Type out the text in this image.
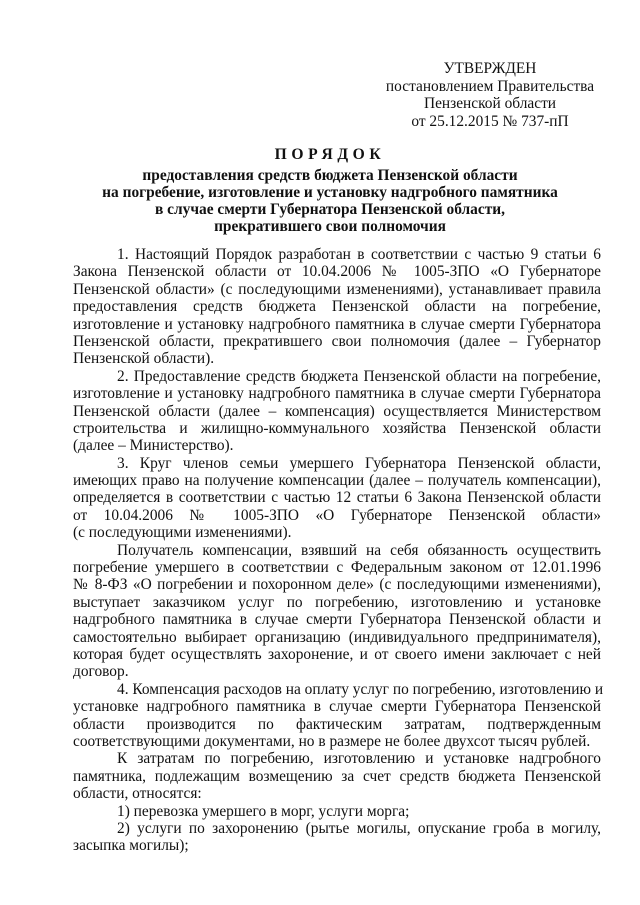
УТВЕРЖДЕН
постановлением Правительства
Пензенской области
от 25.12.2015 № 737-пП
ПОРЯДОК
предоставления средств бюджета Пензенской области
на погребение, изготовление и установку надгробного памятника
в случае смерти Губернатора Пензенской области,
прекратившего свои полномочия
1. Настоящий Порядок разработан в соответствии с частью 9 статьи 6
Закона Пензенской области от 10.04.2006 № 1005-ЗПО «О Губернаторе
Пензенской области» (с последующими изменениями), устанавливает правила
предоставления средств бюджета Пензенской области на погребение,
изготовление и установку надгробного памятника в случае смерти Губернатора
Пензенской области, прекратившего свои полномочия (далее – Губернатор
Пензенской области).
2. Предоставление средств бюджета Пензенской области на погребение,
изготовление и установку надгробного памятника в случае смерти Губернатора
Пензенской области (далее – компенсация) осуществляется Министерством
строительства и жилищно-коммунального хозяйства Пензенской области
(далее – Министерство).
3. Круг членов семьи умершего Губернатора Пензенской области,
имеющих право на получение компенсации (далее – получатель компенсации),
определяется в соответствии с частью 12 статьи 6 Закона Пензенской области
от 10.04.2006 № 1005-ЗПО «О Губернаторе Пензенской области»
(с последующими изменениями).
Получатель компенсации, взявший на себя обязанность осуществить
погребение умершего в соответствии с Федеральным законом от 12.01.1996
№ 8-ФЗ «О погребении и похоронном деле» (с последующими изменениями),
выступает заказчиком услуг по погребению, изготовлению и установке
надгробного памятника в случае смерти Губернатора Пензенской области и
самостоятельно выбирает организацию (индивидуального предпринимателя),
которая будет осуществлять захоронение, и от своего имени заключает с ней
договор.
4. Компенсация расходов на оплату услуг по погребению, изготовлению и
установке надгробного памятника в случае смерти Губернатора Пензенской
области производится по фактическим затратам, подтвержденным
соответствующими документами, но в размере не более двухсот тысяч рублей.
К затратам по погребению, изготовлению и установке надгробного
памятника, подлежащим возмещению за счет средств бюджета Пензенской
области, относятся:
1) перевозка умершего в морг, услуги морга;
2) услуги по захоронению (рытье могилы, опускание гроба в могилу,
засыпка могилы);
